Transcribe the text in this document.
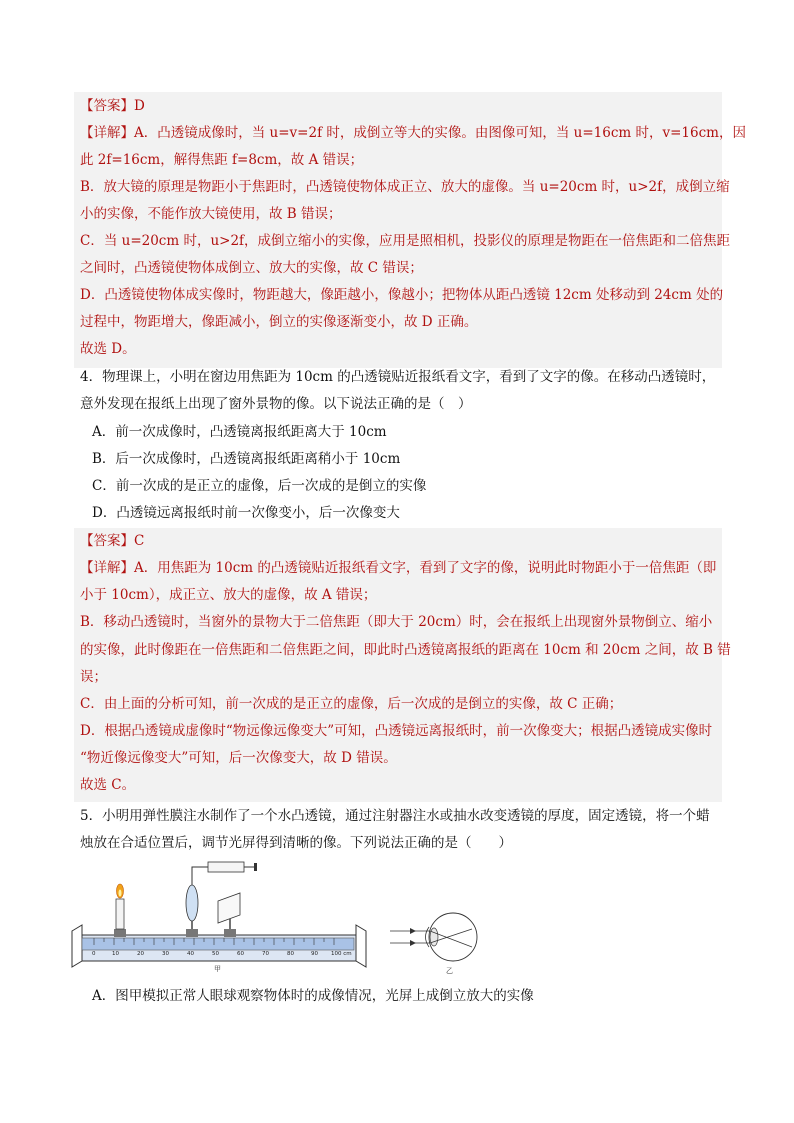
【答案】D
【详解】A．凸透镜成像时，当 u=v=2f 时，成倒立等大的实像。由图像可知，当 u=16cm 时，v=16cm，因
此 2f=16cm，解得焦距 f=8cm，故 A 错误；
B．放大镜的原理是物距小于焦距时，凸透镜使物体成正立、放大的虚像。当 u=20cm 时，u>2f，成倒立缩
小的实像，不能作放大镜使用，故 B 错误；
C．当 u=20cm 时，u>2f，成倒立缩小的实像，应用是照相机，投影仪的原理是物距在一倍焦距和二倍焦距
之间时，凸透镜使物体成倒立、放大的实像，故 C 错误；
D．凸透镜使物体成实像时，物距越大，像距越小，像越小；把物体从距凸透镜 12cm 处移动到 24cm 处的
过程中，物距增大，像距减小，倒立的实像逐渐变小，故 D 正确。
故选 D。
4．物理课上，小明在窗边用焦距为 10cm 的凸透镜贴近报纸看文字，看到了文字的像。在移动凸透镜时，
意外发现在报纸上出现了窗外景物的像。以下说法正确的是（　）
A．前一次成像时，凸透镜离报纸距离大于 10cm
B．后一次成像时，凸透镜离报纸距离稍小于 10cm
C．前一次成的是正立的虚像，后一次成的是倒立的实像
D．凸透镜远离报纸时前一次像变小，后一次像变大
【答案】C
【详解】A．用焦距为 10cm 的凸透镜贴近报纸看文字，看到了文字的像，说明此时物距小于一倍焦距（即
小于 10cm），成正立、放大的虚像，故 A 错误；
B．移动凸透镜时，当窗外的景物大于二倍焦距（即大于 20cm）时，会在报纸上出现窗外景物倒立、缩小
的实像，此时像距在一倍焦距和二倍焦距之间，即此时凸透镜离报纸的距离在 10cm 和 20cm 之间，故 B 错
误；
C．由上面的分析可知，前一次成的是正立的虚像，后一次成的是倒立的实像，故 C 正确；
D．根据凸透镜成虚像时“物远像远像变大”可知，凸透镜远离报纸时，前一次像变大；根据凸透镜成实像时
“物近像远像变大”可知，后一次像变大，故 D 错误。
故选 C。
5．小明用弹性膜注水制作了一个水凸透镜，通过注射器注水或抽水改变透镜的厚度，固定透镜，将一个蜡
烛放在合适位置后，调节光屏得到清晰的像。下列说法正确的是（　　）
0	10	20	30	40	50	60	70	80	90 100 cm
甲	乙
A．图甲模拟正常人眼球观察物体时的成像情况，光屏上成倒立放大的实像
